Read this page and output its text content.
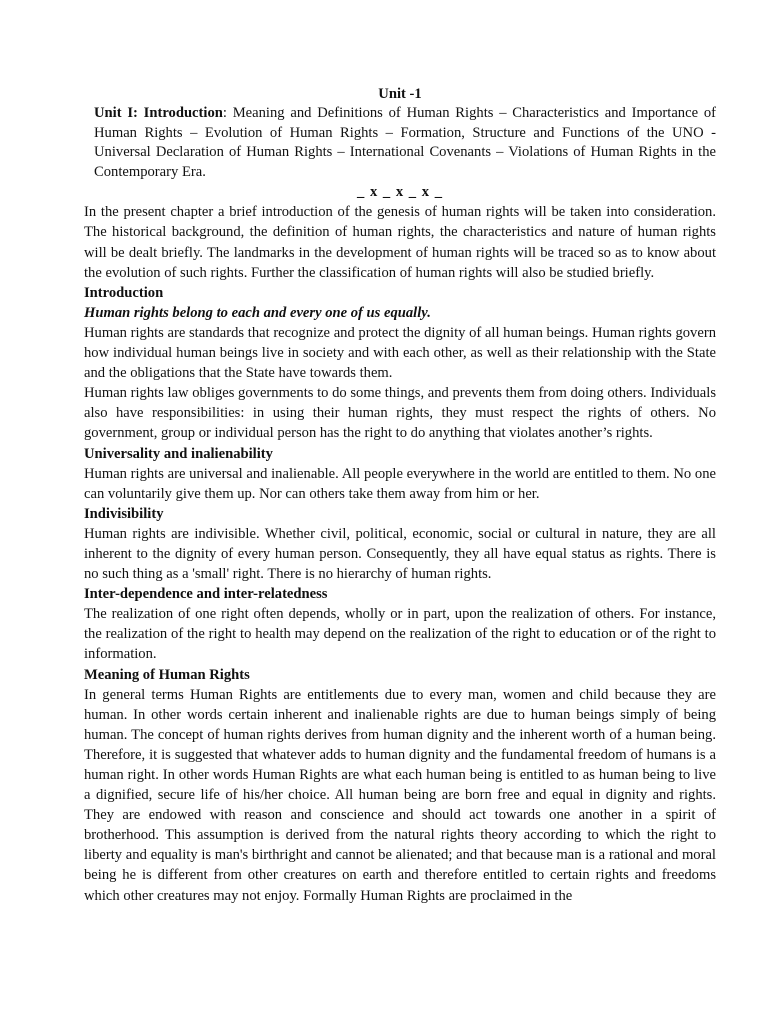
Unit -1

Unit I: Introduction: Meaning and Definitions of Human Rights – Characteristics and Importance of Human Rights – Evolution of Human Rights – Formation, Structure and Functions of the UNO - Universal Declaration of Human Rights – International Covenants – Violations of Human Rights in the Contemporary Era.

_ x _ x _ x _

In the present chapter a brief introduction of the genesis of human rights will be taken into consideration. The historical background, the definition of human rights, the characteristics and nature of human rights will be dealt briefly. The landmarks in the development of human rights will be traced so as to know about the evolution of such rights. Further the classification of human rights will also be studied briefly.

Introduction

Human rights belong to each and every one of us equally.

Human rights are standards that recognize and protect the dignity of all human beings. Human rights govern how individual human beings live in society and with each other, as well as their relationship with the State and the obligations that the State have towards them.

Human rights law obliges governments to do some things, and prevents them from doing others. Individuals also have responsibilities: in using their human rights, they must respect the rights of others. No government, group or individual person has the right to do anything that violates another’s rights.

Universality and inalienability

Human rights are universal and inalienable. All people everywhere in the world are entitled to them. No one can voluntarily give them up. Nor can others take them away from him or her.

Indivisibility

Human rights are indivisible. Whether civil, political, economic, social or cultural in nature, they are all inherent to the dignity of every human person. Consequently, they all have equal status as rights. There is no such thing as a 'small' right. There is no hierarchy of human rights.

Inter-dependence and inter-relatedness

The realization of one right often depends, wholly or in part, upon the realization of others. For instance, the realization of the right to health may depend on the realization of the right to education or of the right to information.

Meaning of Human Rights

In general terms Human Rights are entitlements due to every man, women and child because they are human. In other words certain inherent and inalienable rights are due to human beings simply of being human. The concept of human rights derives from human dignity and the inherent worth of a human being. Therefore, it is suggested that whatever adds to human dignity and the fundamental freedom of humans is a human right. In other words Human Rights are what each human being is entitled to as human being to live a dignified, secure life of his/her choice. All human being are born free and equal in dignity and rights. They are endowed with reason and conscience and should act towards one another in a spirit of brotherhood. This assumption is derived from the natural rights theory according to which the right to liberty and equality is man's birthright and cannot be alienated; and that because man is a rational and moral being he is different from other creatures on earth and therefore entitled to certain rights and freedoms which other creatures may not enjoy. Formally Human Rights are proclaimed in the
